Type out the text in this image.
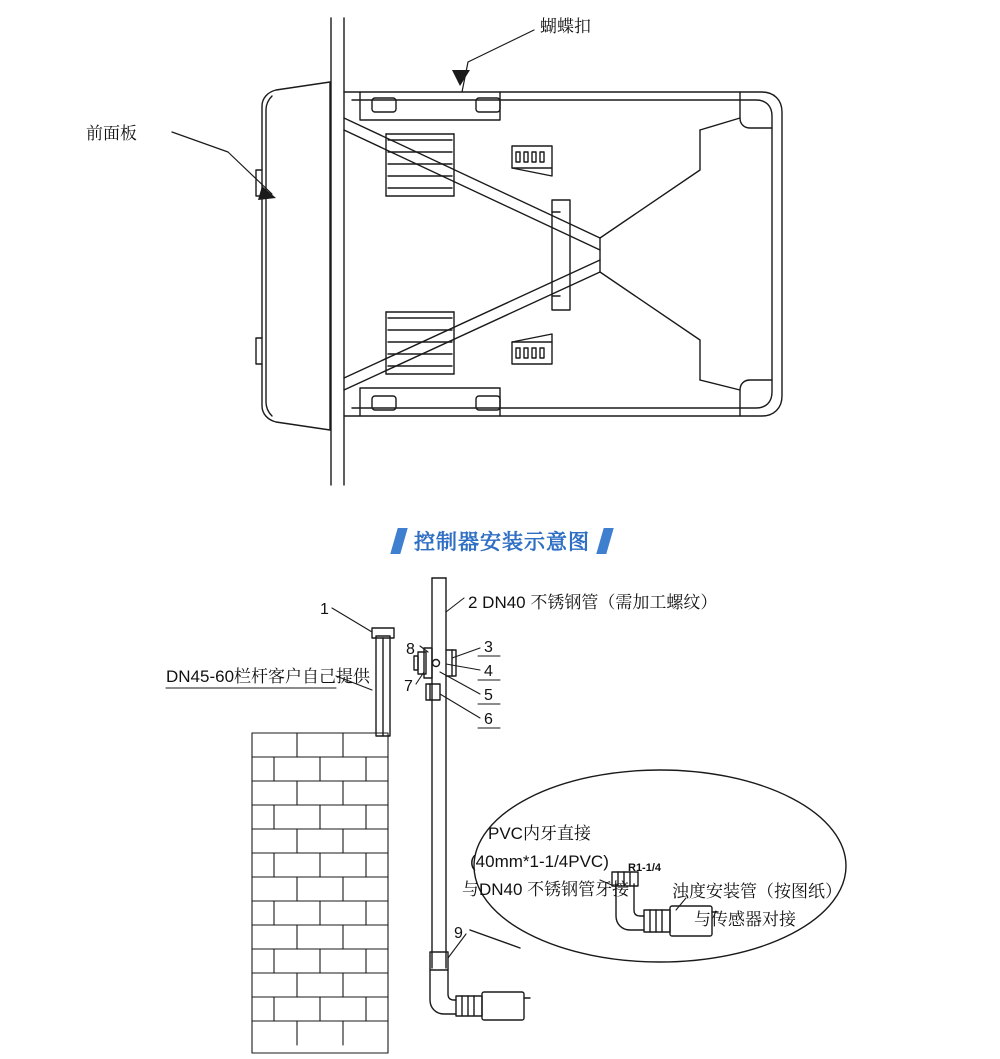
蝴蝶扣
前面板
控制器安装示意图
2 DN40 不锈钢管（需加工螺纹）
DN45-60栏杆客户自己提供
PVC内牙直接
(40mm*1-1/4PVC)
与DN40 不锈钢管牙接	浊度安装管（按图纸）
与传感器对接
R1-1/4
1
8	3
4
7
5
6
9
